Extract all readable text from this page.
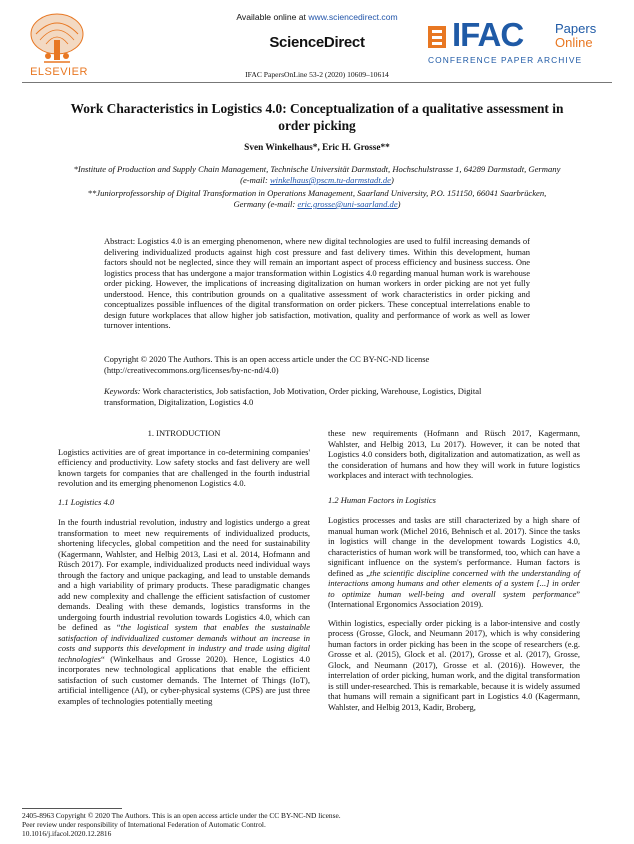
ELSEVIER
Available online at www.sciencedirect.com
ScienceDirect
IFAC PapersOnLine 53-2 (2020) 10609–10614
IFAC Papers
Online
CONFERENCE PAPER ARCHIVE
Work Characteristics in Logistics 4.0: Conceptualization of a qualitative assessment in order picking
Sven Winkelhaus*, Eric H. Grosse**
*Institute of Production and Supply Chain Management, Technische Universität Darmstadt, Hochschulstrasse 1, 64289 Darmstadt, Germany (e-mail: winkelhaus@pscm.tu-darmstadt.de)
**Juniorprofessorship of Digital Transformation in Operations Management, Saarland University, P.O. 151150, 66041 Saarbrücken, Germany (e-mail: eric.grosse@uni-saarland.de)
Abstract: Logistics 4.0 is an emerging phenomenon, where new digital technologies are used to fulfil increasing demands of delivering individualized products against high cost pressure and fast delivery times. Within this development, human factors should not be neglected, since they will remain an important aspect of process efficiency and business success. One logistics process that has undergone a major transformation within Logistics 4.0 regarding manual human work is warehouse order picking. However, the implications of increasing digitalization on human workers in order picking are not yet fully understood. Hence, this contribution grounds on a qualitative assessment of work characteristics in order picking and conceptualizes possible influences of the digital transformation on order pickers. These conceptual interrelations enable to design future workplaces that allow higher job satisfaction, motivation, quality and performance of work as well as lower turnover intentions.
Copyright © 2020 The Authors. This is an open access article under the CC BY-NC-ND license (http://creativecommons.org/licenses/by-nc-nd/4.0)
Keywords: Work characteristics, Job satisfaction, Job Motivation, Order picking, Warehouse, Logistics, Digital transformation, Digitalization, Logistics 4.0
1. INTRODUCTION

Logistics activities are of great importance in co-determining companies' efficiency and productivity. Low safety stocks and fast delivery are well known targets for companies that are challenged in the fourth industrial revolution and its emerging phenomenon Logistics 4.0.

1.1 Logistics 4.0

In the fourth industrial revolution, industry and logistics undergo a great transformation to meet new requirements of individualized products, shortening lifecycles, global competition and the need for sustainability (Kagermann, Wahlster, and Helbig 2013, Lasi et al. 2014, Hofmann and Rüsch 2017). For example, individualized products need individual ways through the factory and unique packaging, and lead to unstable demands and a high variability of primary products. These paradigmatic changes add new complexity and challenge the efficient satisfaction of customer demands. Dealing with these demands, logistics transforms in the undergoing fourth industrial revolution towards Logistics 4.0, which can be defined as “the logistical system that enables the sustainable satisfaction of individualized customer demands without an increase in costs and supports this development in industry and trade using digital technologies“ (Winkelhaus and Grosse 2020). Hence, Logistics 4.0 incorporates new technological applications that enable the efficient satisfaction of such customer demands. The Internet of Things (IoT), artificial intelligence (AI), or cyber-physical systems (CPS) are just three examples of technologies potentially meeting

these new requirements (Hofmann and Rüsch 2017, Kagermann, Wahlster, and Helbig 2013, Lu 2017). However, it can be noted that Logistics 4.0 considers both, digitalization and automatization, as well as the consideration of humans and how they will work in future logistics workplaces and interact with technologies.

1.2 Human Factors in Logistics

Logistics processes and tasks are still characterized by a high share of manual human work (Michel 2016, Behnisch et al. 2017). Since the tasks in logistics will change in the development towards Logistics 4.0, characteristics of human work will be transformed, too, which can have a significant influence on the system's performance. Human factors is defined as „the scientific discipline concerned with the understanding of interactions among humans and other elements of a system [...] in order to optimize human well-being and overall system performance” (International Ergonomics Association 2019).

Within logistics, especially order picking is a labor-intensive and costly process (Grosse, Glock, and Neumann 2017), which is why considering human factors in order picking has been in the scope of researchers (e.g. Grosse et al. (2015), Glock et al. (2017), Grosse et al. (2017), Grosse, Glock, and Neumann (2017), Grosse et al. (2016)). However, the interrelation of order picking, human work, and the digital transformation is still under-researched. This is remarkable, because it is widely assumed that humans will remain a significant part in Logistics 4.0 (Kagermann, Wahlster, and Helbig 2013, Kadir, Broberg,

2405-8963 Copyright © 2020 The Authors. This is an open access article under the CC BY-NC-ND license.
Peer review under responsibility of International Federation of Automatic Control.
10.1016/j.ifacol.2020.12.2816
